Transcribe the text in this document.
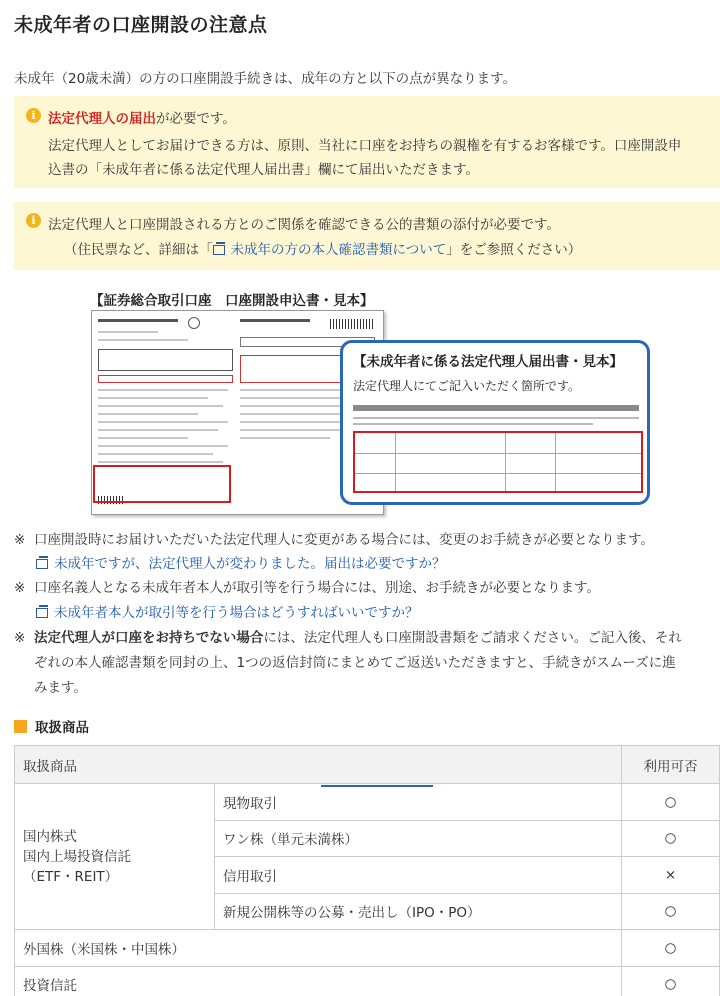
未成年者の口座開設の注意点

未成年（20歳未満）の方の口座開設手続きは、成年の方と以下の点が異なります。

i 法定代理人の届出が必要です。
法定代理人としてお届けできる方は、原則、当社に口座をお持ちの親権を有するお客様です。口座開設申
込書の「未成年者に係る法定代理人届出書」欄にて届出いただきます。
i 法定代理人と口座開設される方とのご関係を確認できる公的書類の添付が必要です。
（住民票など、詳細は「 未成年の方の本人確認書類について」をご参照ください）
【証券総合取引口座　口座開設申込書・見本】
【未成年者に係る法定代理人届出書・見本】
法定代理人にてご記入いただく箇所です。
※ 口座開設時にお届けいただいた法定代理人に変更がある場合には、変更のお手続きが必要となります。
未成年ですが、法定代理人が変わりました。届出は必要ですか？
※ 口座名義人となる未成年者本人が取引等を行う場合には、別途、お手続きが必要となります。
未成年者本人が取引等を行う場合はどうすればいいですか？
※ 法定代理人が口座をお持ちでない場合には、法定代理人も口座開設書類をご請求ください。ご記入後、それ
ぞれの本人確認書類を同封の上、1つの返信封筒にまとめてご返送いただきますと、手続きがスムーズに進
みます。
取扱商品
取扱商品		利用可否

国内株式
国内上場投資信託
（ETF・REIT）	現物取引	○
	ワン株（単元未満株）	○
	信用取引	×
	新規公開株等の公募・売出し（IPO・PO）	○
外国株（米国株・中国株）		○
投資信託		○
